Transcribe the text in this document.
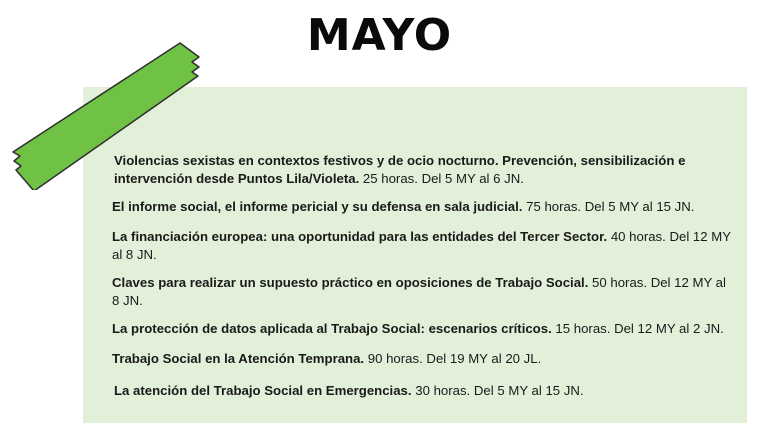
MAYO

Violencias sexistas en contextos festivos y de ocio nocturno. Prevención, sensibilización e intervención desde Puntos Lila/Violeta. 25 horas. Del 5 MY al 6 JN.

El informe social, el informe pericial y su defensa en sala judicial. 75 horas. Del 5 MY al 15 JN.

La financiación europea: una oportunidad para las entidades del Tercer Sector. 40 horas. Del 12 MY al 8 JN.

Claves para realizar un supuesto práctico en oposiciones de Trabajo Social. 50 horas. Del 12 MY al 8 JN.

La protección de datos aplicada al Trabajo Social: escenarios críticos. 15 horas. Del 12 MY al 2 JN.

Trabajo Social en la Atención Temprana. 90 horas. Del 19 MY al 20 JL.

La atención del Trabajo Social en Emergencias. 30 horas. Del 5 MY al 15 JN.
